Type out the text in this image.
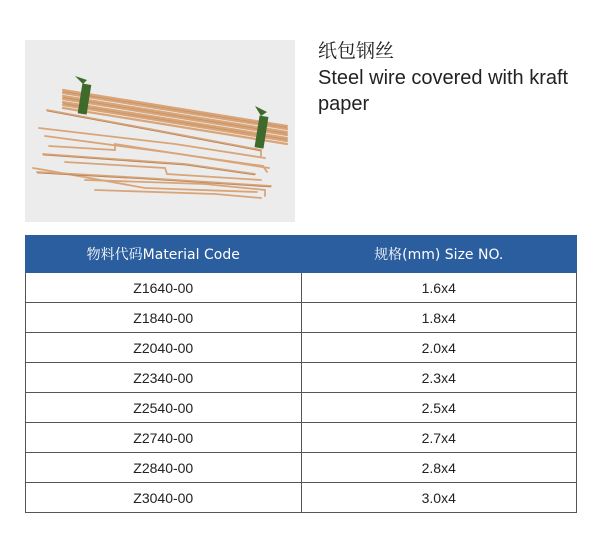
纸包钢丝
Steel wire covered with kraft paper
物料代码Material Code	规格(mm) Size NO.
Z1640-00	1.6x4
Z1840-00	1.8x4
Z2040-00	2.0x4
Z2340-00	2.3x4
Z2540-00	2.5x4
Z2740-00	2.7x4
Z2840-00	2.8x4
Z3040-00	3.0x4
